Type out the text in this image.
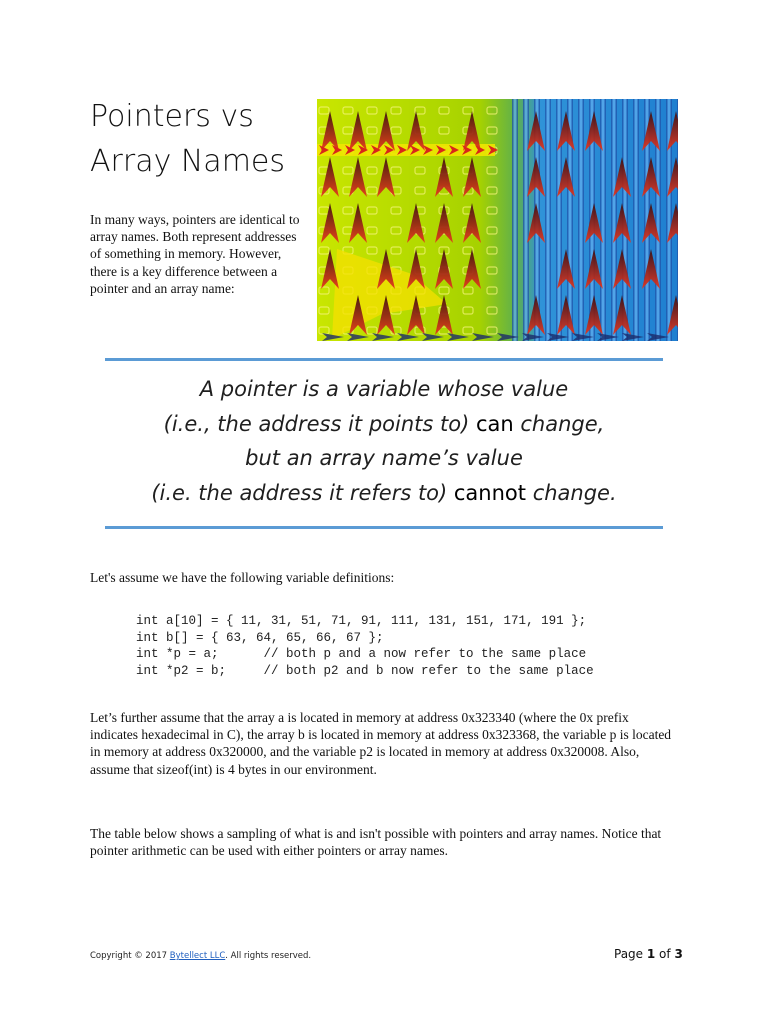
Pointers vs
Array Names
In many ways, pointers are identical to array names. Both represent addresses of something in memory. However, there is a key difference between a pointer and an array name:
A pointer is a variable whose value
(i.e., the address it points to) can change,
but an array name’s value
(i.e. the address it refers to) cannot change.
Let's assume we have the following variable definitions:
int a[10] = { 11, 31, 51, 71, 91, 111, 131, 151, 171, 191 };
int b[] = { 63, 64, 65, 66, 67 };
int *p = a;      // both p and a now refer to the same place
int *p2 = b;     // both p2 and b now refer to the same place
Let’s further assume that the array a is located in memory at address 0x323340 (where the 0x prefix indicates hexadecimal in C), the array b is located in memory at address 0x323368, the variable p is located in memory at address 0x320000, and the variable p2 is located in memory at address 0x320008. Also, assume that sizeof(int) is 4 bytes in our environment.
The table below shows a sampling of what is and isn't possible with pointers and array names. Notice that pointer arithmetic can be used with either pointers or array names.
Copyright © 2017 Bytellect LLC. All rights reserved.	Page 1 of 3
